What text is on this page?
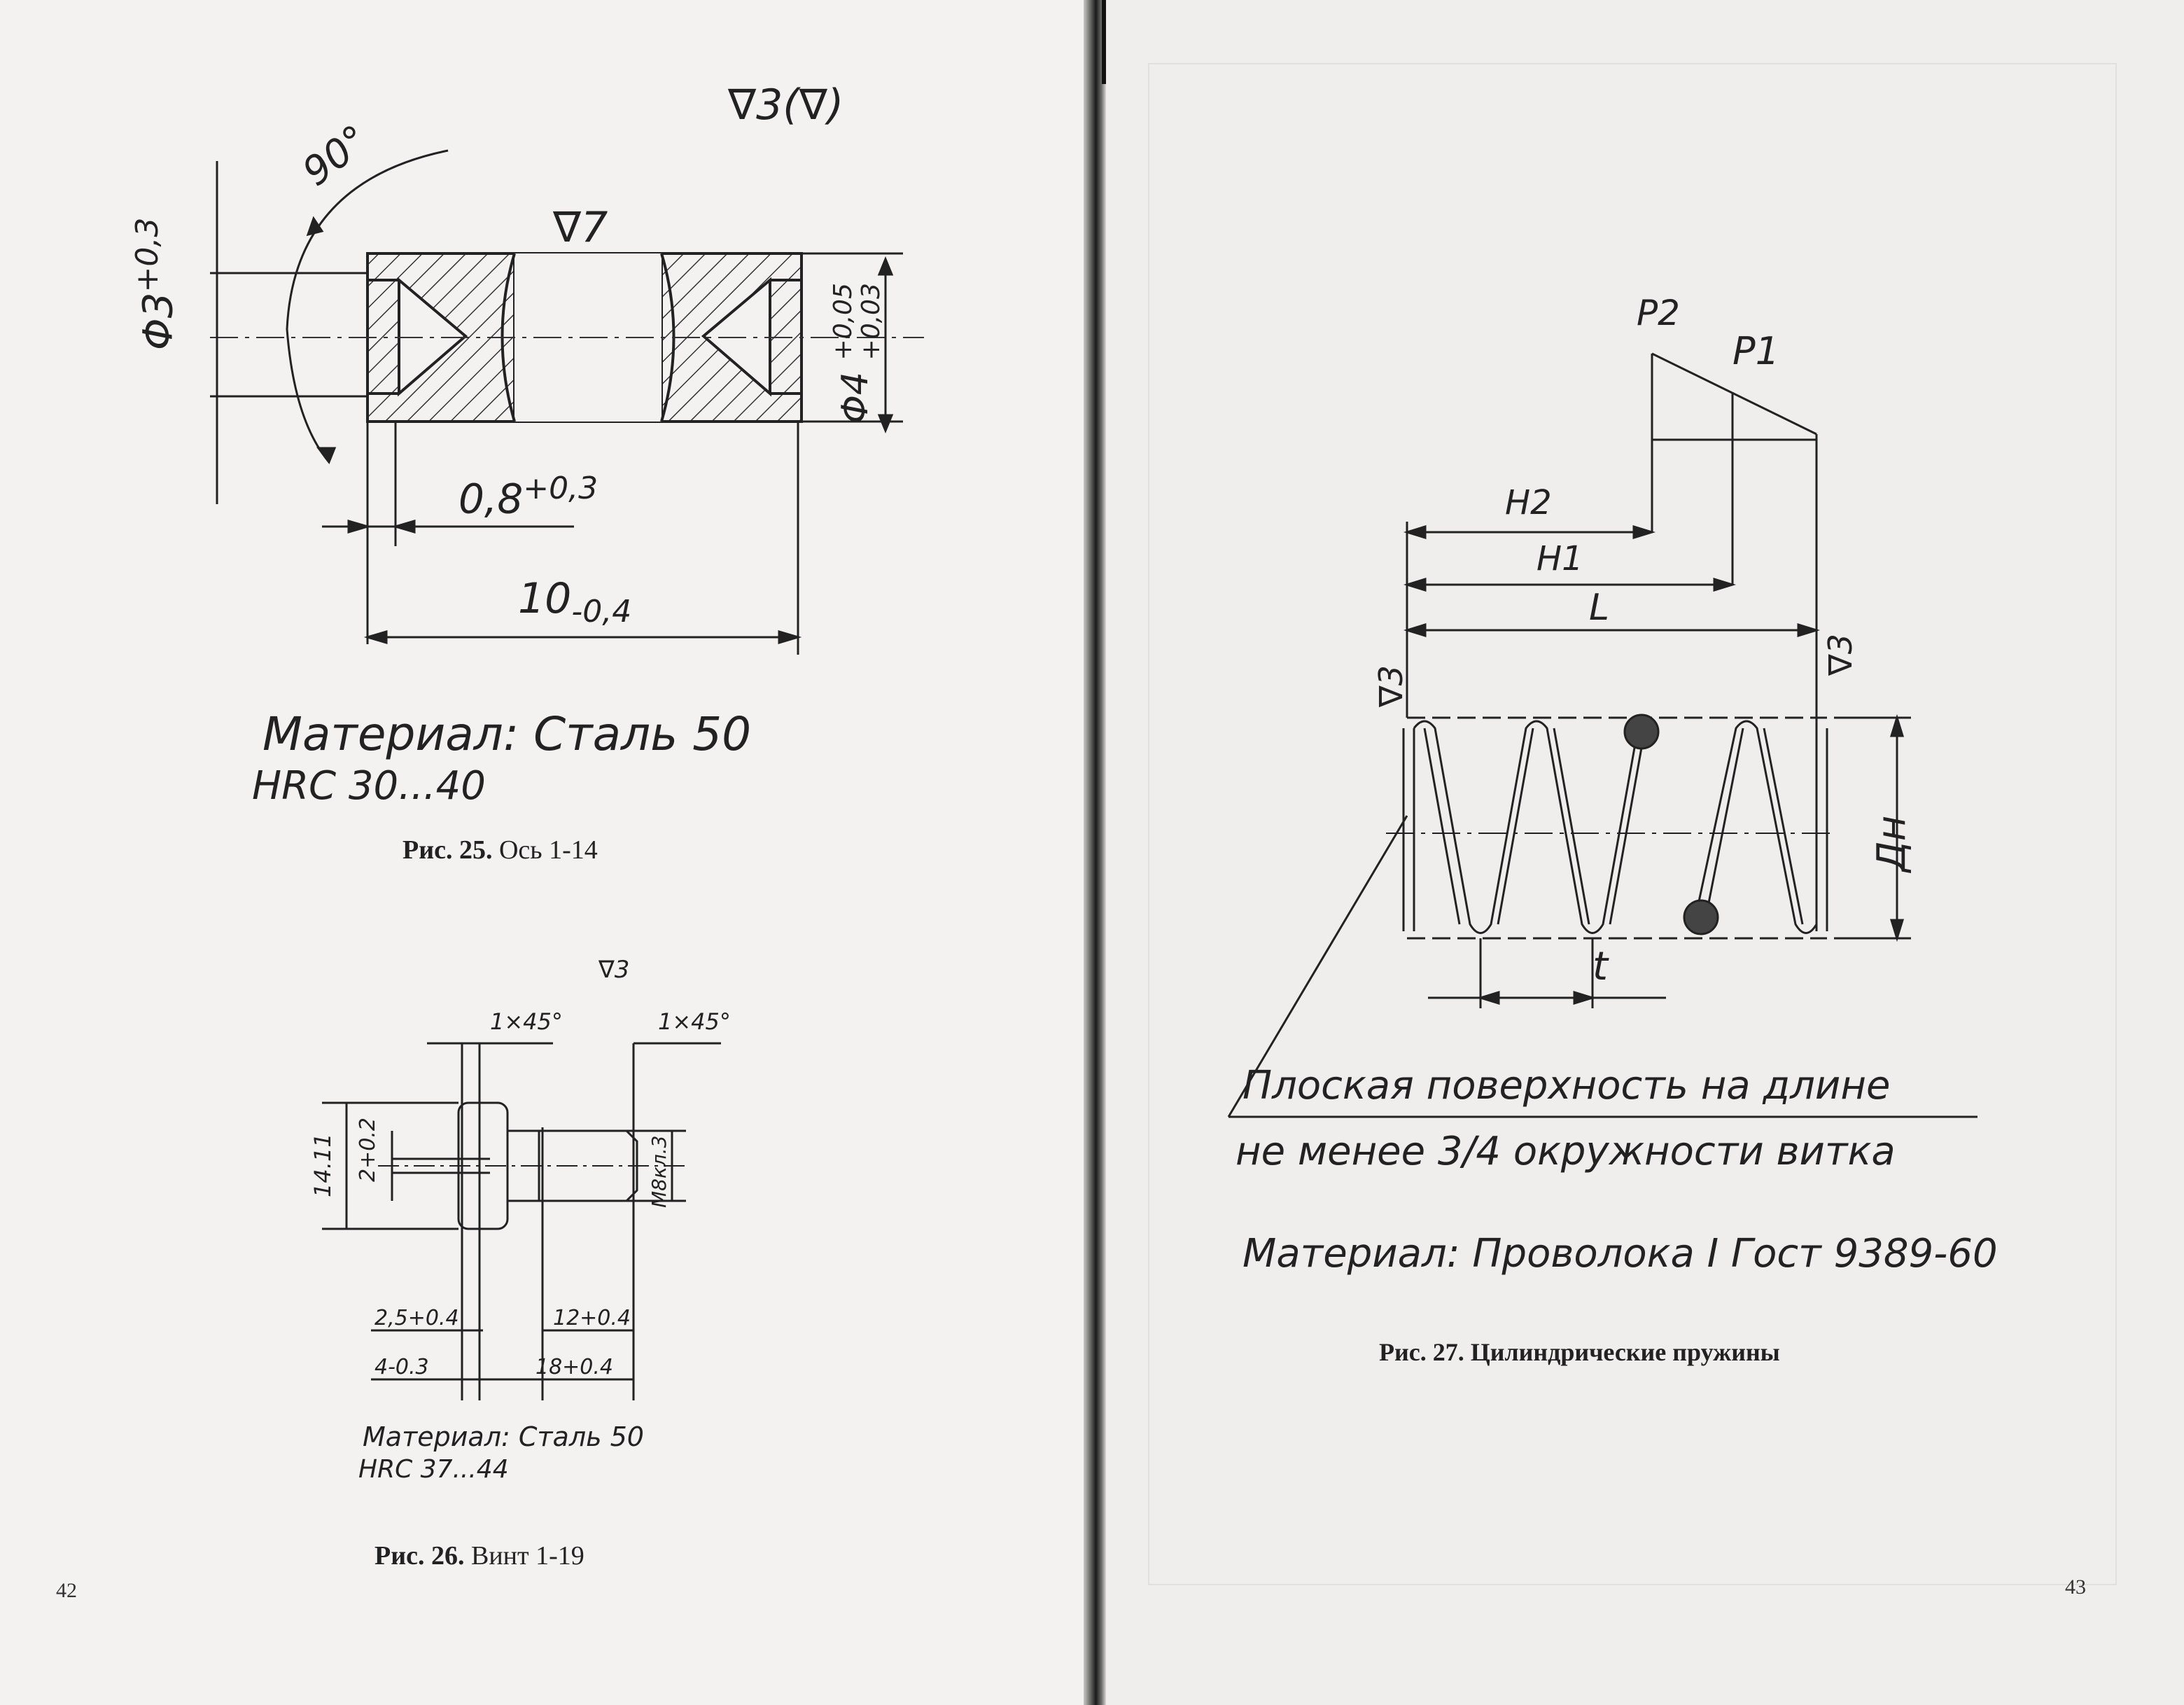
∇3(∇)
∇7
90°
$\Phi 3^{+0,3}$
Φ4
+0,05 +0,03
$0,8^{+0,3}$
$10_{-0,4}$
Материал: Сталь 50
HRC 30...40
Рис. 25. Ось 1-14
∇3
1×45°	1×45°
14.11 2+0.2	M8кл.3
2,5+0.4	12+0.4
4-0.3	18+0.4
Материал: Сталь 50
HRC 37...44
Рис. 26. Винт 1-19
42
P2
P1
H2
H1
L
∇3
∇3
Дн
t
Плоская поверхность на длине
не менее 3/4 окружности витка
Материал: Проволока I Гост 9389-60
Рис. 27. Цилиндрические пружины
43
